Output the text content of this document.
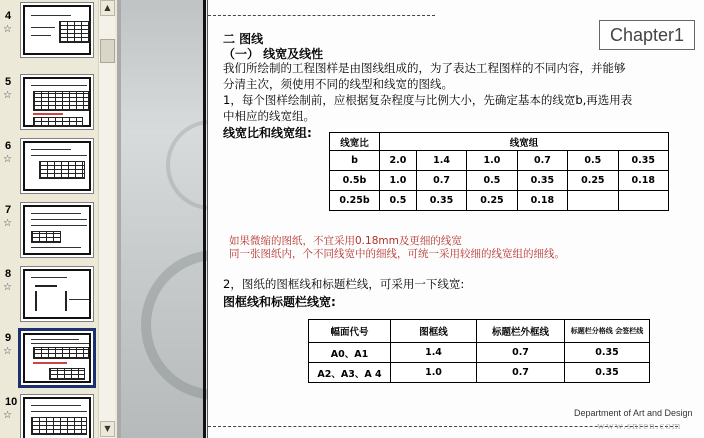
4
☆
5
☆
6
☆
7
☆
8
☆
9
☆
10
☆
▲
▼
Chapter1
二 图线
（一） 线宽及线性
我们所绘制的工程图样是由图线组成的，为了表达工程图样的不同内容，并能够
分清主次，须使用不同的线型和线宽的图线。
1，每个图样绘制前，应根据复杂程度与比例大小，先确定基本的线宽b,再选用表
中相应的线宽组。
线宽比和线宽组:
线宽比	线宽组					
b	2.0	1.4	1.0	0.7	0.5	0.35
0.5b	1.0	0.7	0.5	0.35	0.25	0.18
0.25b	0.5	0.35	0.25	0.18		
如果微缩的图纸，不宜采用0.18mm及更细的线宽
同一张图纸内，个不同线宽中的细线，可统一采用较细的线宽组的细线。
2，图纸的图框线和标题栏线，可采用一下线宽:
图框线和标题栏线宽:
幅面代号	图框线	标题栏外框线	标题栏分格线 会签栏线
A0、A1	1.4	0.7	0.35
A2、A3、A 4	1.0	0.7	0.35
Department of Art and Design
www.snren.com
